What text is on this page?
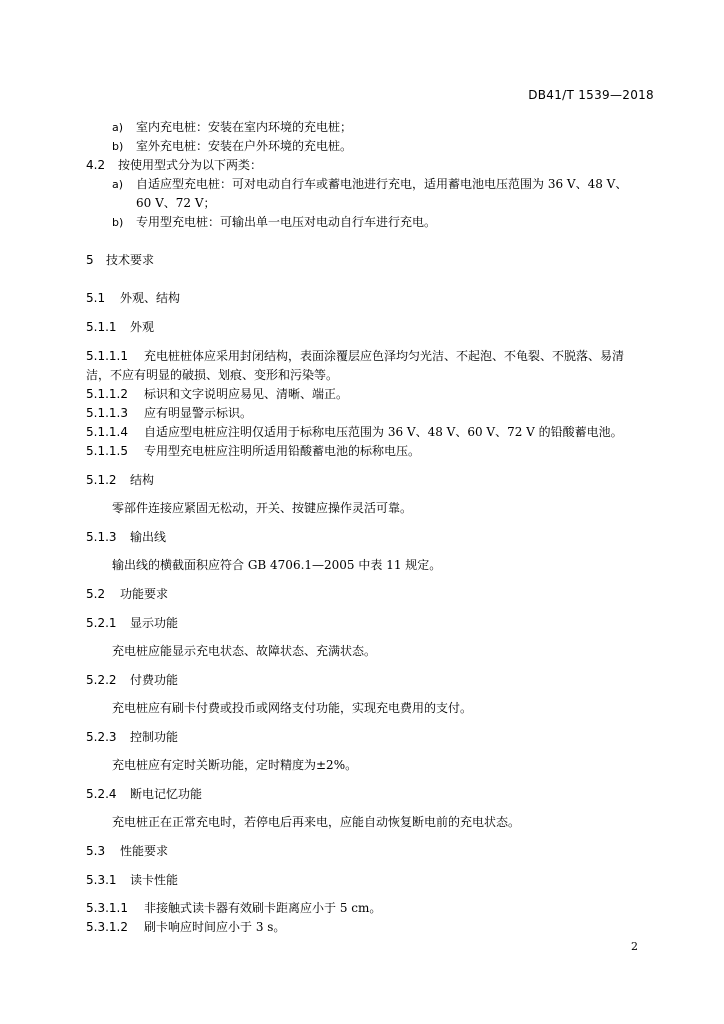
DB41/T 1539—2018
a) 室内充电桩：安装在室内环境的充电桩；
b) 室外充电桩：安装在户外环境的充电桩。
4.2 按使用型式分为以下两类：
a) 自适应型充电桩：可对电动自行车或蓄电池进行充电，适用蓄电池电压范围为 36 V、48 V、
60 V、72 V；
b) 专用型充电桩：可输出单一电压对电动自行车进行充电。
5 技术要求
5.1 外观、结构
5.1.1 外观
5.1.1.1 充电桩桩体应采用封闭结构，表面涂覆层应色泽均匀光洁、不起泡、不龟裂、不脱落、易清
洁，不应有明显的破损、划痕、变形和污染等。
5.1.1.2 标识和文字说明应易见、清晰、端正。
5.1.1.3 应有明显警示标识。
5.1.1.4 自适应型电桩应注明仅适用于标称电压范围为 36 V、48 V、60 V、72 V 的铅酸蓄电池。
5.1.1.5 专用型充电桩应注明所适用铅酸蓄电池的标称电压。
5.1.2 结构
零部件连接应紧固无松动，开关、按键应操作灵活可靠。
5.1.3 输出线
输出线的横截面积应符合 GB 4706.1—2005 中表 11 规定。
5.2 功能要求
5.2.1 显示功能
充电桩应能显示充电状态、故障状态、充满状态。
5.2.2 付费功能
充电桩应有刷卡付费或投币或网络支付功能，实现充电费用的支付。
5.2.3 控制功能
充电桩应有定时关断功能，定时精度为±2%。
5.2.4 断电记忆功能
充电桩正在正常充电时，若停电后再来电，应能自动恢复断电前的充电状态。
5.3 性能要求
5.3.1 读卡性能
5.3.1.1 非接触式读卡器有效刷卡距离应小于 5 cm。
5.3.1.2 刷卡响应时间应小于 3 s。
2
